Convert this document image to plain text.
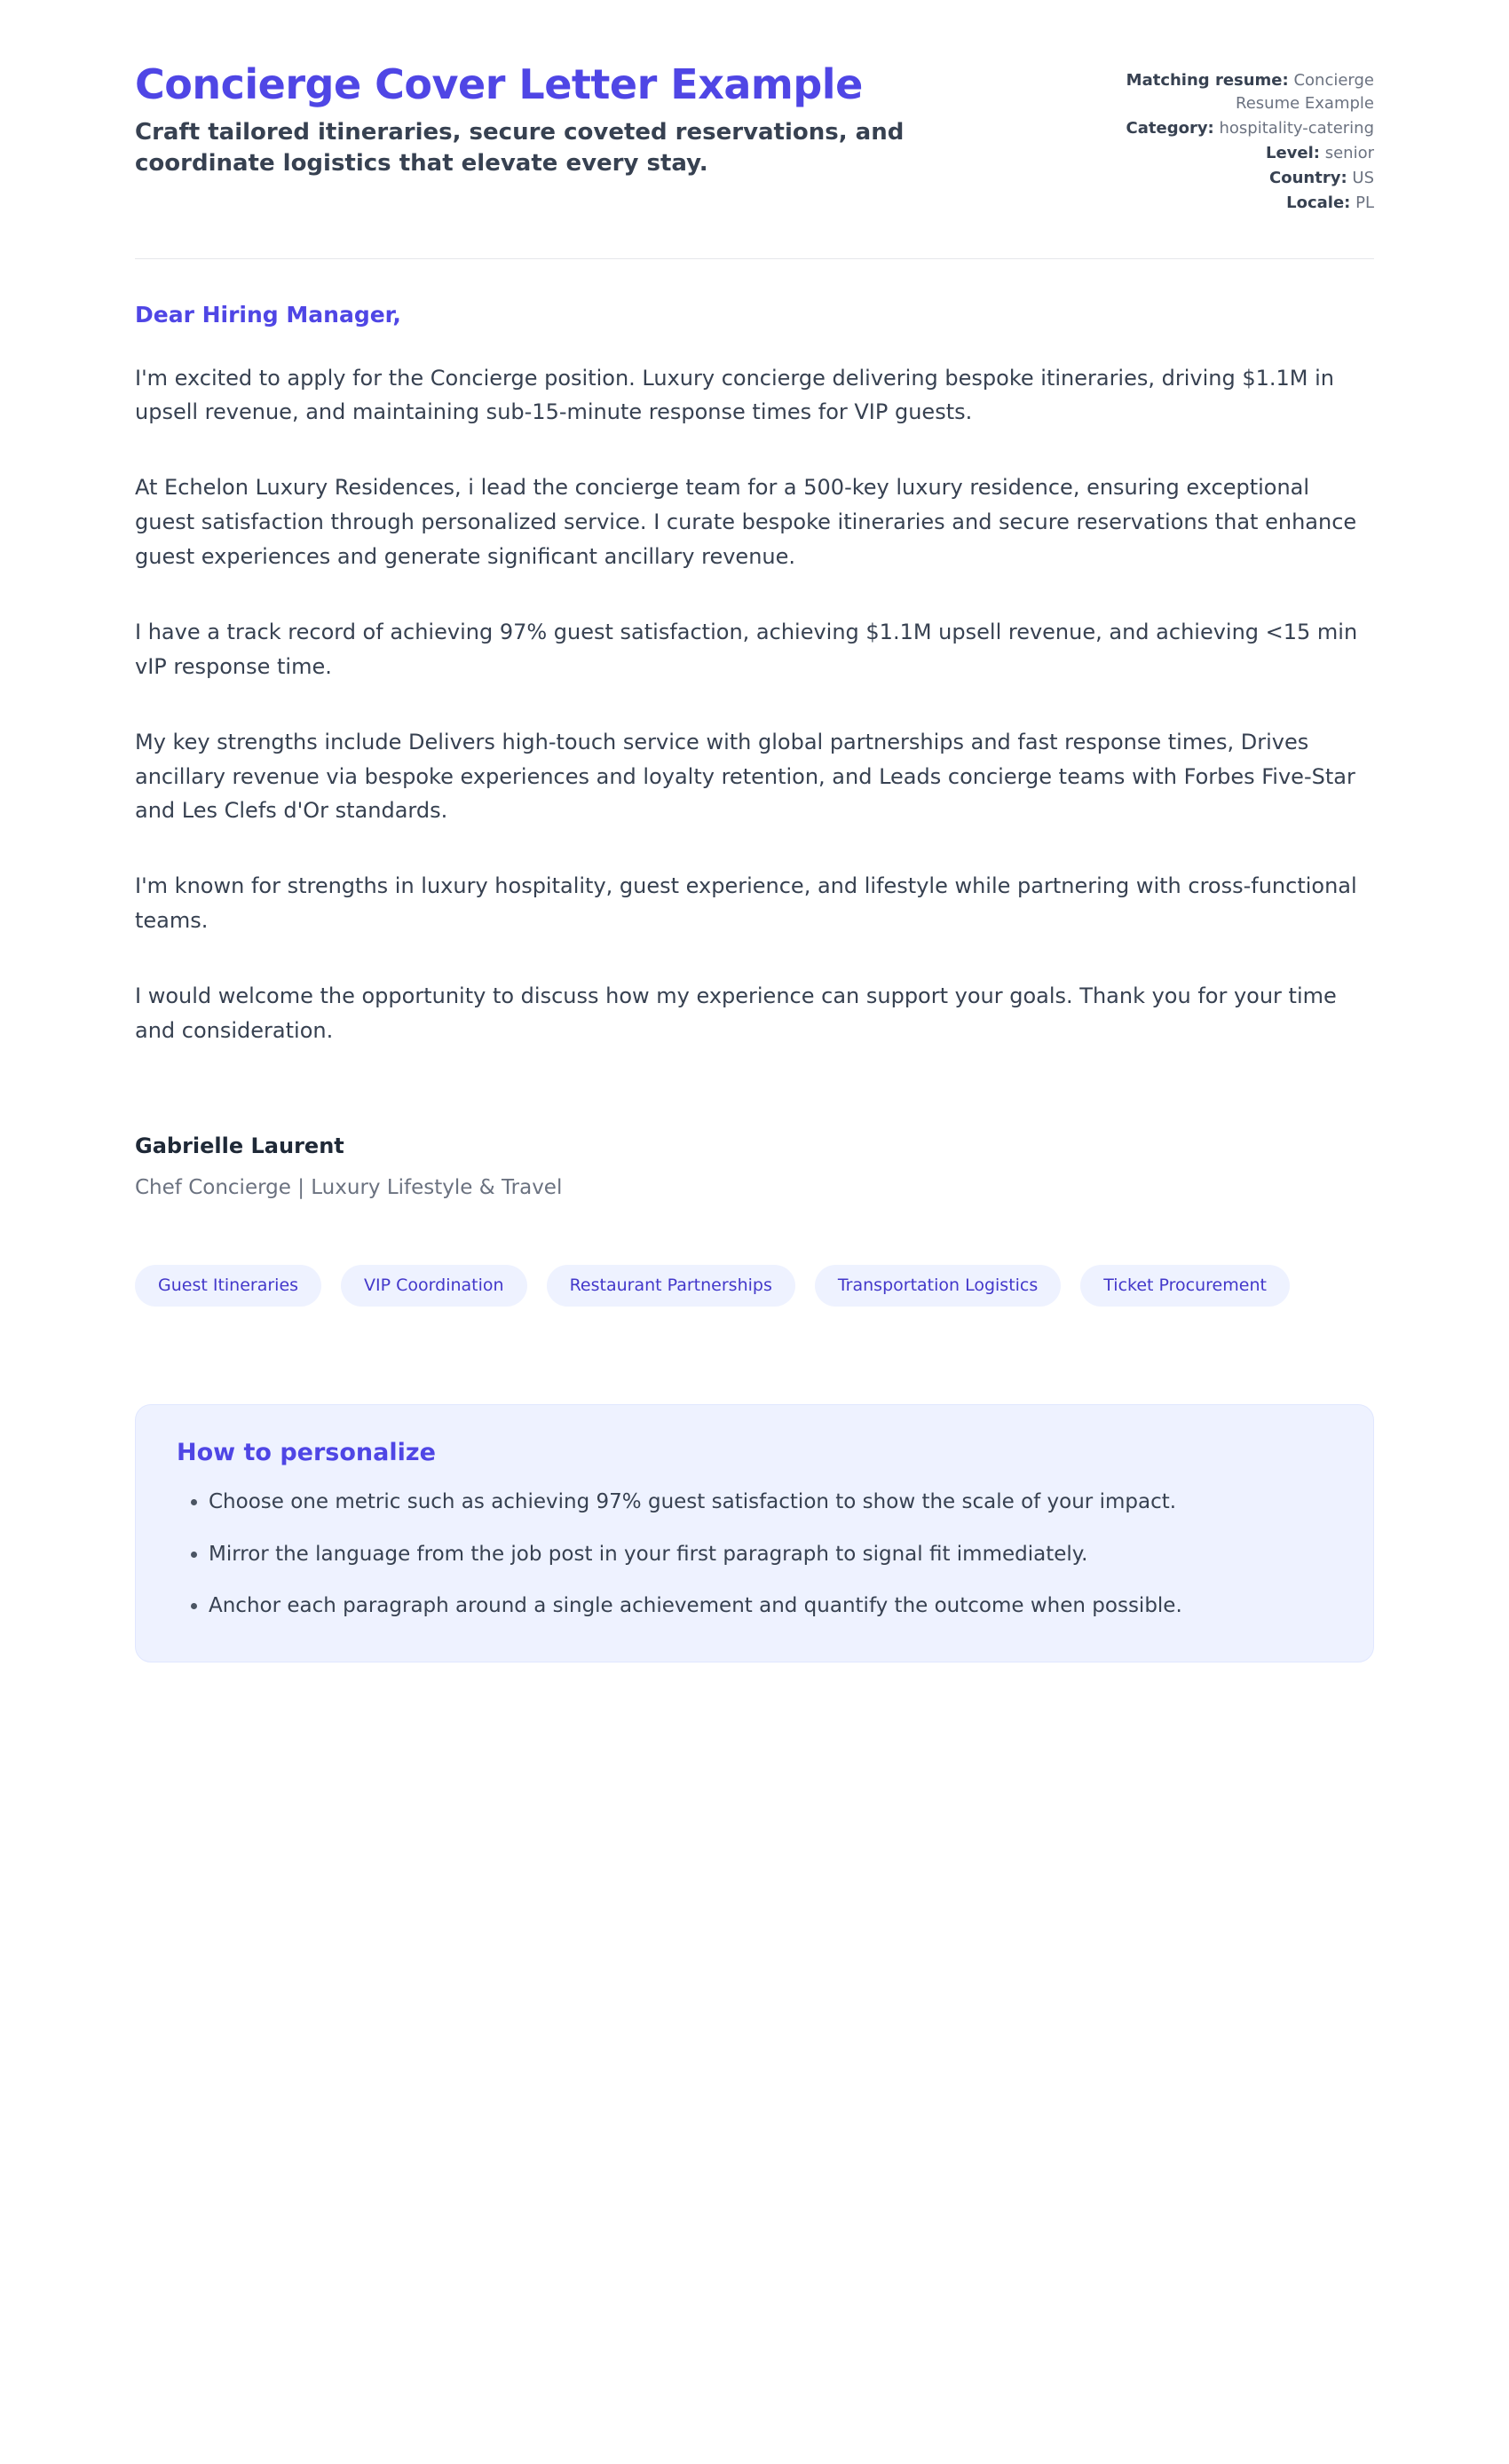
Concierge Cover Letter Example

Craft tailored itineraries, secure coveted reservations, and coordinate logistics that elevate every stay.

Matching resume: Concierge Resume Example
Category: hospitality-catering
Level: senior
Country: US
Locale: PL

Dear Hiring Manager,

I'm excited to apply for the Concierge position. Luxury concierge delivering bespoke itineraries, driving $1.1M in upsell revenue, and maintaining sub-15-minute response times for VIP guests.

At Echelon Luxury Residences, i lead the concierge team for a 500-key luxury residence, ensuring exceptional guest satisfaction through personalized service. I curate bespoke itineraries and secure reservations that enhance guest experiences and generate significant ancillary revenue.

I have a track record of achieving 97% guest satisfaction, achieving $1.1M upsell revenue, and achieving <15 min vIP response time.

My key strengths include Delivers high-touch service with global partnerships and fast response times, Drives ancillary revenue via bespoke experiences and loyalty retention, and Leads concierge teams with Forbes Five-Star and Les Clefs d'Or standards.

I'm known for strengths in luxury hospitality, guest experience, and lifestyle while partnering with cross-functional teams.

I would welcome the opportunity to discuss how my experience can support your goals. Thank you for your time and consideration.

Gabrielle Laurent

Chef Concierge | Luxury Lifestyle & Travel

Guest Itineraries	VIP Coordination	Restaurant Partnerships	Transportation Logistics	Ticket Procurement
How to personalize
• Choose one metric such as achieving 97% guest satisfaction to show the scale of your impact.
• Mirror the language from the job post in your first paragraph to signal fit immediately.
• Anchor each paragraph around a single achievement and quantify the outcome when possible.
